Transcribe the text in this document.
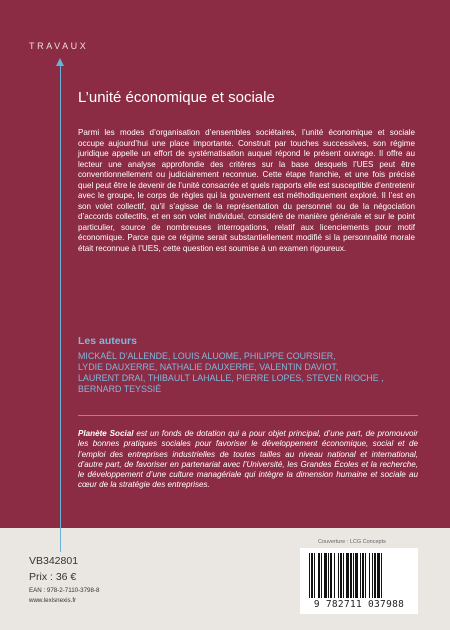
TRAVAUX
L’unité économique et sociale

Parmi les modes d’organisation d’ensembles sociétaires, l’unité économique et sociale occupe aujourd’hui une place importante. Construit par touches successives, son régime juridique appelle un effort de systématisation auquel répond le présent ouvrage. Il offre au lecteur une analyse approfondie des critères sur la base desquels l’UES peut être conventionnellement ou judiciairement reconnue. Cette étape franchie, et une fois précisé quel peut être le devenir de l’unité consacrée et quels rapports elle est susceptible d’entretenir avec le groupe, le corps de règles qui la gouvernent est méthodiquement exploré. Il l’est en son volet collectif, qu’il s’agisse de la représentation du personnel ou de la négociation d’accords collectifs, et en son volet individuel, considéré de manière générale et sur le point particulier, source de nombreuses interrogations, relatif aux licenciements pour motif économique. Parce que ce régime serait substantiellement modifié si la personnalité morale était reconnue à l’UES, cette question est soumise à un examen rigoureux.

Les auteurs

MICKAËL D’ALLENDE, LOUIS ALUOME, PHILIPPE COURSIER,
LYDIE DAUXERRE, NATHALIE DAUXERRE, VALENTIN DAVIOT,
LAURENT DRAI, THIBAULT LAHALLE, PIERRE LOPES, STEVEN RIOCHE ,
BERNARD TEYSSIÉ

Planète Social est un fonds de dotation qui a pour objet principal, d’une part, de promouvoir les bonnes pratiques sociales pour favoriser le développement économique, social et de l’emploi des entreprises industrielles de toutes tailles au niveau national et international, d’autre part, de favoriser en partenariat avec l’Université, les Grandes Écoles et la recherche, le développement d’une culture managériale qui intègre la dimension humaine et sociale au cœur de la stratégie des entreprises.

VB342801
Prix : 36 €
EAN : 978-2-7110-3798-8
www.lexisnexis.fr
Couverture : LCG Concepts
9 782711 037988
